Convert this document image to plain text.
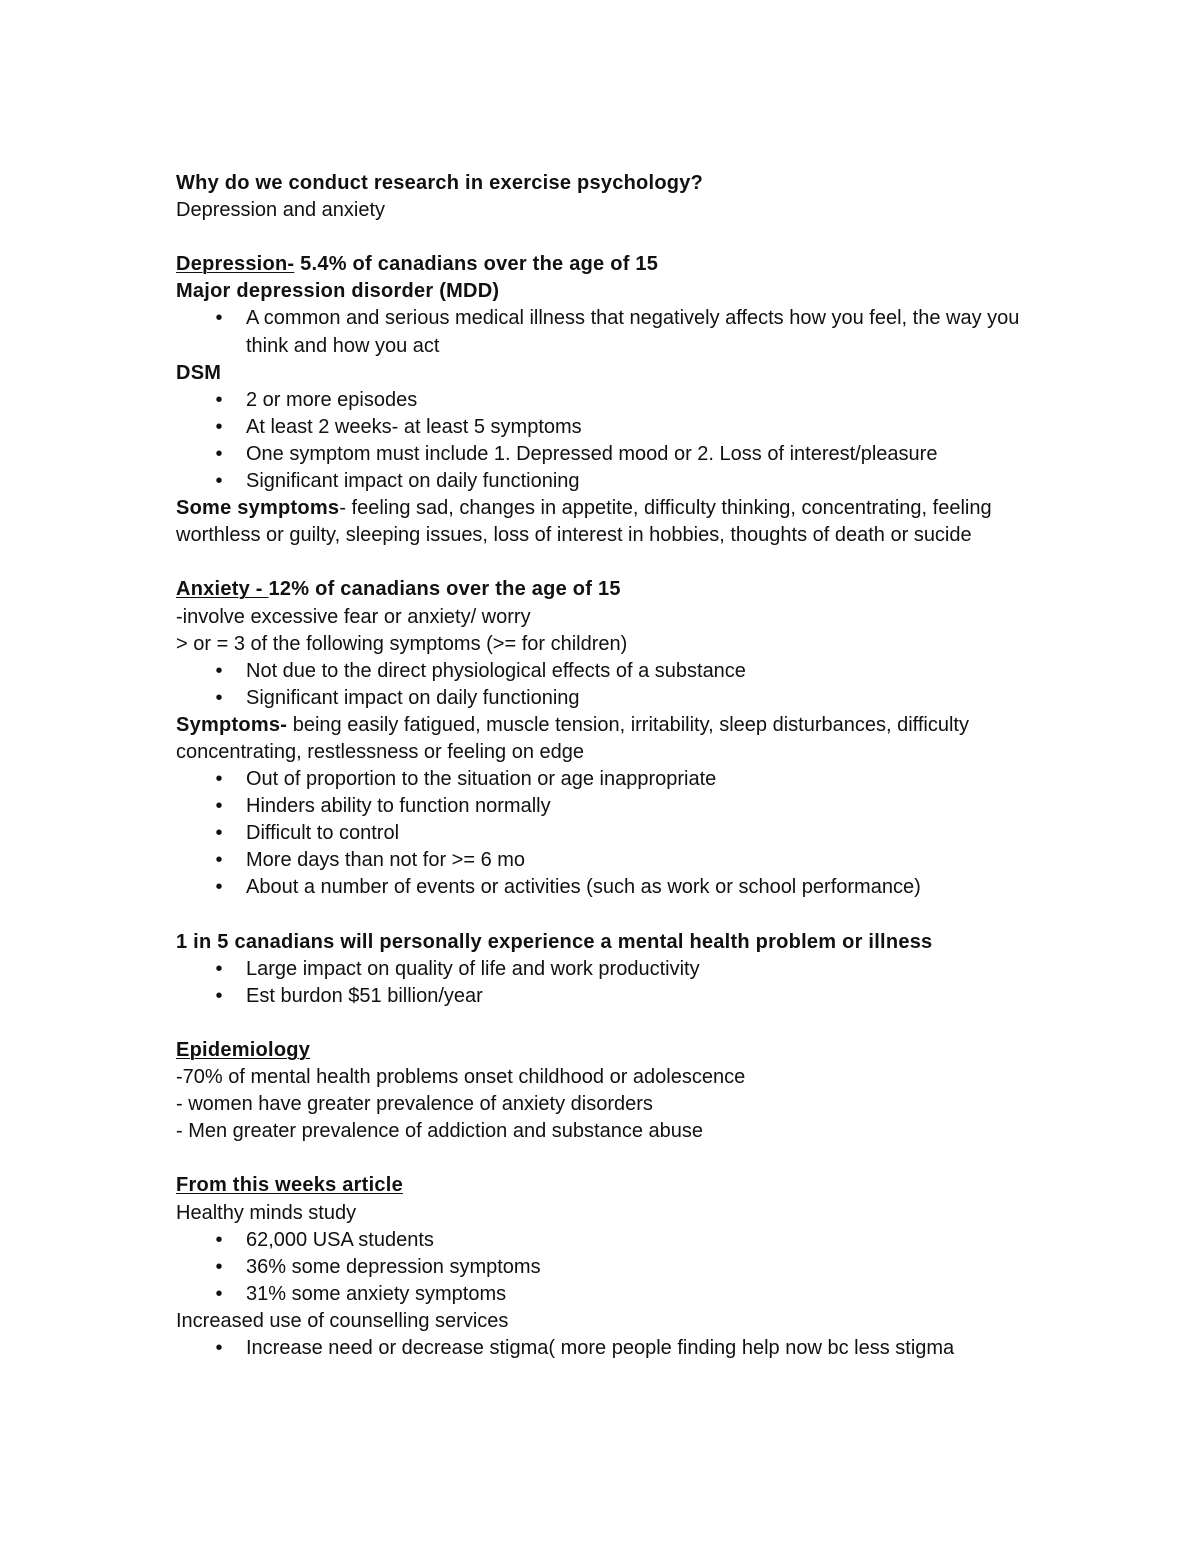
Why do we conduct research in exercise psychology?
Depression and anxiety
Depression- 5.4% of canadians over the age of 15
Major depression disorder (MDD)
• A common and serious medical illness that negatively affects how you feel, the way you think and how you act
DSM
• 2 or more episodes
• At least 2 weeks- at least 5 symptoms
• One symptom must include 1. Depressed mood or 2. Loss of interest/pleasure
• Significant impact on daily functioning
Some symptoms- feeling sad, changes in appetite, difficulty thinking, concentrating, feeling worthless or guilty, sleeping issues, loss of interest in hobbies, thoughts of death or sucide
Anxiety - 12% of canadians over the age of 15
-involve excessive fear or anxiety/ worry
> or = 3 of the following symptoms (>= for children)
• Not due to the direct physiological effects of a substance
• Significant impact on daily functioning
Symptoms- being easily fatigued, muscle tension, irritability, sleep disturbances, difficulty concentrating, restlessness or feeling on edge
• Out of proportion to the situation or age inappropriate
• Hinders ability to function normally
• Difficult to control
• More days than not for >= 6 mo
• About a number of events or activities (such as work or school performance)
1 in 5 canadians will personally experience a mental health problem or illness
• Large impact on quality of life and work productivity
• Est burdon $51 billion/year
Epidemiology
-70% of mental health problems onset childhood or adolescence
- women have greater prevalence of anxiety disorders
- Men greater prevalence of addiction and substance abuse
From this weeks article
Healthy minds study
• 62,000 USA students
• 36% some depression symptoms
• 31% some anxiety symptoms
Increased use of counselling services
• Increase need or decrease stigma( more people finding help now bc less stigma
